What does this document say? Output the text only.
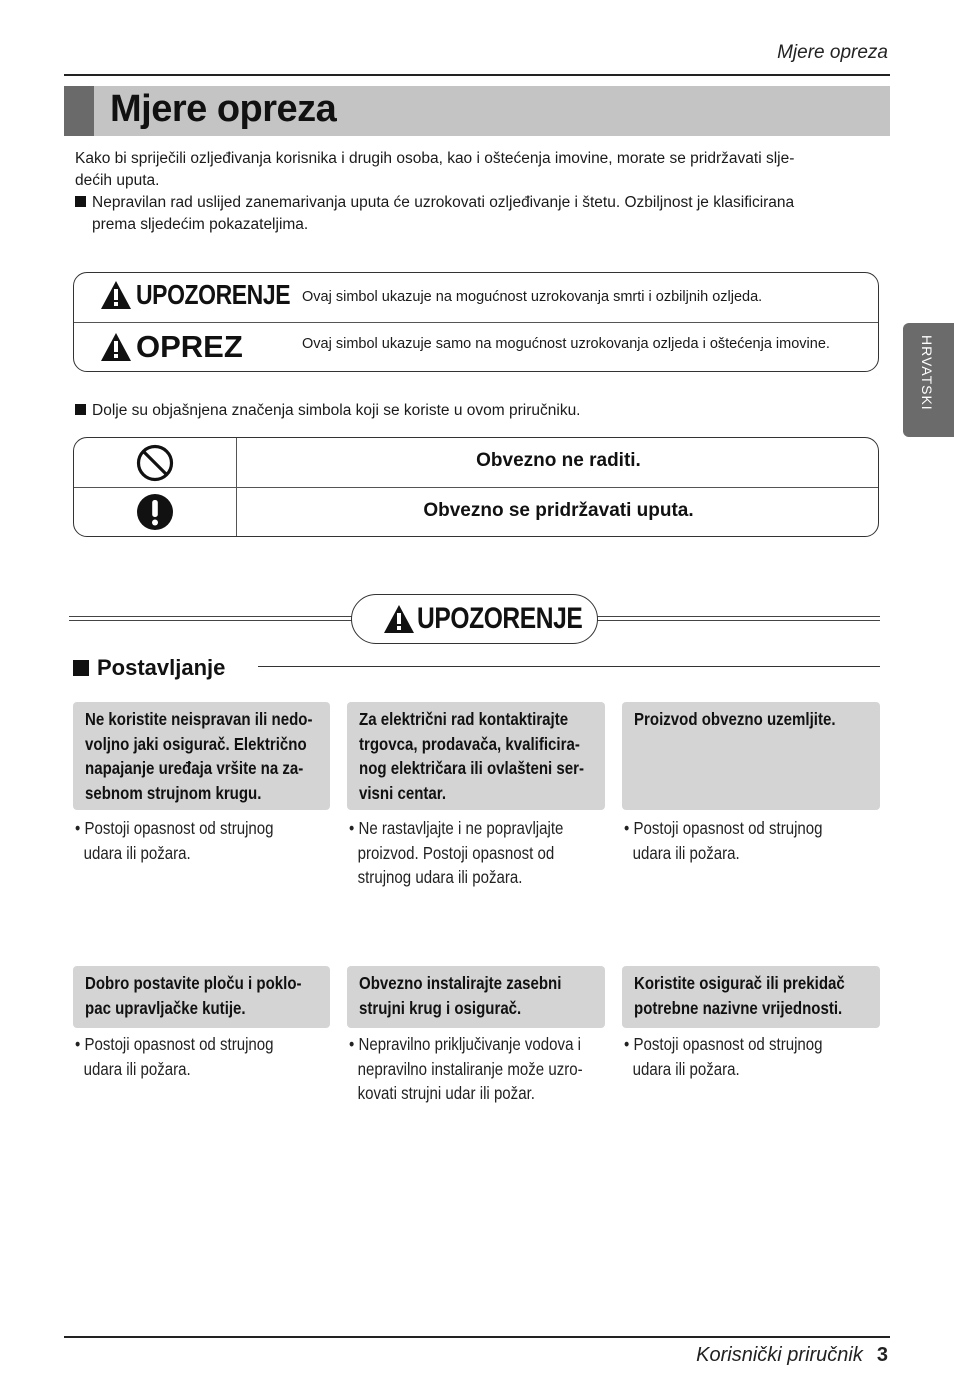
Mjere opreza
Mjere opreza
Kako bi spriječili ozljeđivanja korisnika i drugih osoba, kao i oštećenja imovine, morate se pridržavati slje-
dećih uputa.
Nepravilan rad uslijed zanemarivanja uputa će uzrokovati ozljeđivanje i štetu. Ozbiljnost je klasificirana
prema sljedećim pokazateljima.
UPOZORENJE Ovaj simbol ukazuje na mogućnost uzrokovanja smrti i ozbiljnih ozljeda.
OPREZ	Ovaj simbol ukazuje samo na mogućnost uzrokovanja ozljeda i oštećenja imovine.
Dolje su objašnjena značenja simbola koji se koriste u ovom priručniku.
Obvezno ne raditi.
Obvezno se pridržavati uputa.
UPOZORENJE
Postavljanje
Ne koristite neispravan ili nedo-
voljno jaki osigurač. Električno
napajanje uređaja vršite na za-
sebnom strujnom krugu.
• Postoji opasnost od strujnog
udara ili požara.
Za električni rad kontaktirajte
trgovca, prodavača, kvalificira-
nog električara ili ovlašteni ser-
visni centar.
• Ne rastavljajte i ne popravljajte
proizvod. Postoji opasnost od
strujnog udara ili požara.
Proizvod obvezno uzemljite.
• Postoji opasnost od strujnog
udara ili požara.
Dobro postavite ploču i poklo-
pac upravljačke kutije.
• Postoji opasnost od strujnog
udara ili požara.
Obvezno instalirajte zasebni
strujni krug i osigurač.
• Nepravilno priključivanje vodova i
nepravilno instaliranje može uzro-
kovati strujni udar ili požar.
Koristite osigurač ili prekidač
potrebne nazivne vrijednosti.
• Postoji opasnost od strujnog
udara ili požara.
HRVATSKI
Korisnički priručnik 3
